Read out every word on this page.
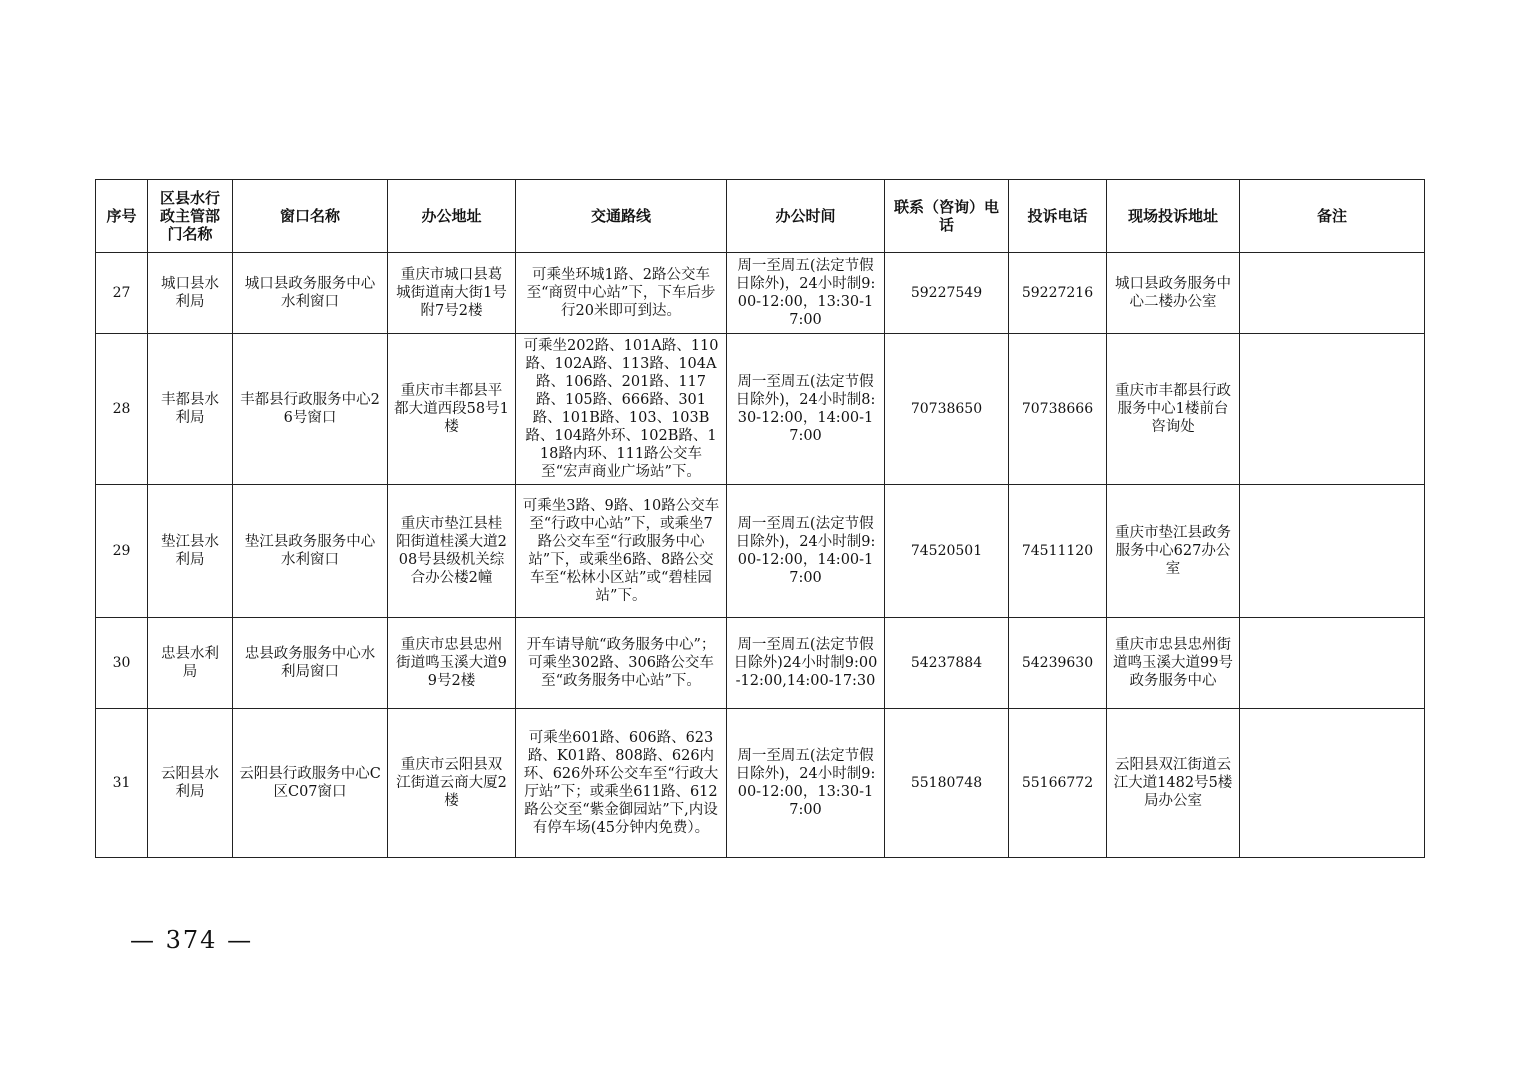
序号	区县水行政主管部门名称	窗口名称	办公地址	交通路线	办公时间	联系（咨询）电话	投诉电话	现场投诉地址	备注
27	城口县水利局	城口县政务服务中心水利窗口	重庆市城口县葛城街道南大街1号附7号2楼	可乘坐环城1路、2路公交车至“商贸中心站”下，下车后步行20米即可到达。	周一至周五(法定节假日除外)，24小时制9:00-12:00，13:30-17:00	59227549	59227216	城口县政务服务中心二楼办公室	
28	丰都县水利局	丰都县行政服务中心26号窗口	重庆市丰都县平都大道西段58号1楼	可乘坐202路、101A路、110路、102A路、113路、104A路、106路、201路、117路、105路、666路、301路、101B路、103、103B路、104路外环、102B路、118路内环、111路公交车至“宏声商业广场站”下。	周一至周五(法定节假日除外)，24小时制8:30-12:00，14:00-17:00	70738650	70738666	重庆市丰都县行政服务中心1楼前台咨询处	
29	垫江县水利局	垫江县政务服务中心水利窗口	重庆市垫江县桂阳街道桂溪大道208号县级机关综合办公楼2幢	可乘坐3路、9路、10路公交车至“行政中心站”下，或乘坐7路公交车至“行政服务中心站”下，或乘坐6路、8路公交车至“松林小区站”或“碧桂园站”下。	周一至周五(法定节假日除外)，24小时制9:00-12:00，14:00-17:00	74520501	74511120	重庆市垫江县政务服务中心627办公室	
30	忠县水利局	忠县政务服务中心水利局窗口	重庆市忠县忠州街道鸣玉溪大道99号2楼	开车请导航“政务服务中心”；可乘坐302路、306路公交车至“政务服务中心站”下。	周一至周五(法定节假日除外)24小时制9:00-12:00,14:00-17:30	54237884	54239630	重庆市忠县忠州街道鸣玉溪大道99号政务服务中心	
31	云阳县水利局	云阳县行政服务中心C区C07窗口	重庆市云阳县双江街道云商大厦2楼	可乘坐601路、606路、623路、K01路、808路、626内环、626外环公交车至“行政大厅站”下；或乘坐611路、612路公交至“紫金御园站”下,内设有停车场(45分钟内免费）。	周一至周五(法定节假日除外)，24小时制9:00-12:00，13:30-17:00	55180748	55166772	云阳县双江街道云江大道1482号5楼局办公室	
— 374 —
